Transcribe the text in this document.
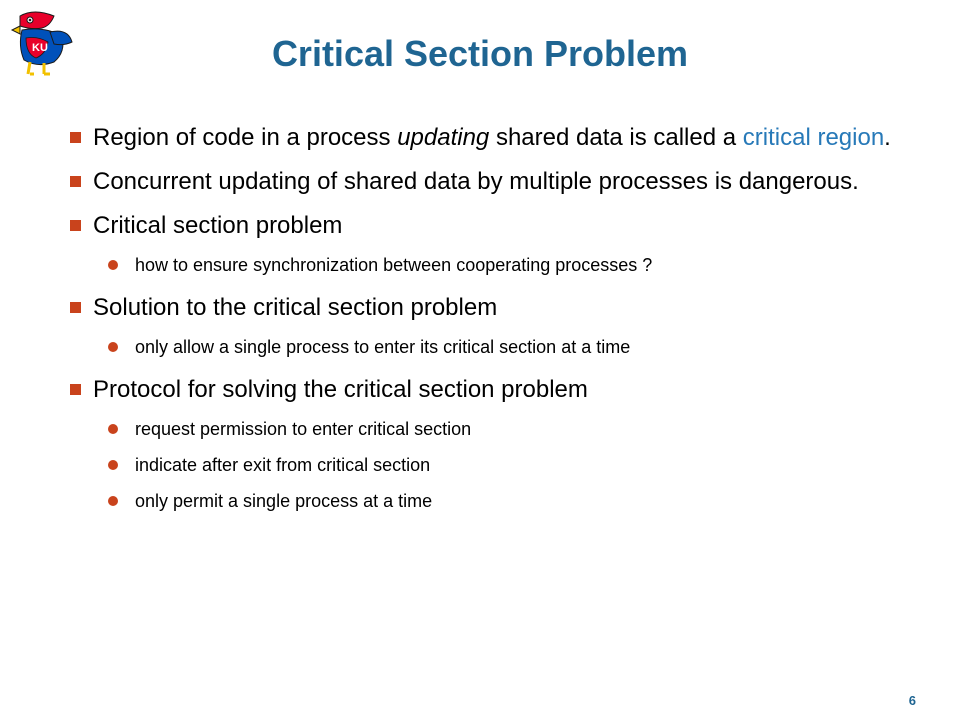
KU	Critical Section Problem
Region of code in a process updating shared data is called a critical region.
Concurrent updating of shared data by multiple processes is dangerous.
Critical section problem
how to ensure synchronization between cooperating processes ?
Solution to the critical section problem
only allow a single process to enter its critical section at a time
Protocol for solving the critical section problem
request permission to enter critical section
indicate after exit from critical section
only permit a single process at a time
6
